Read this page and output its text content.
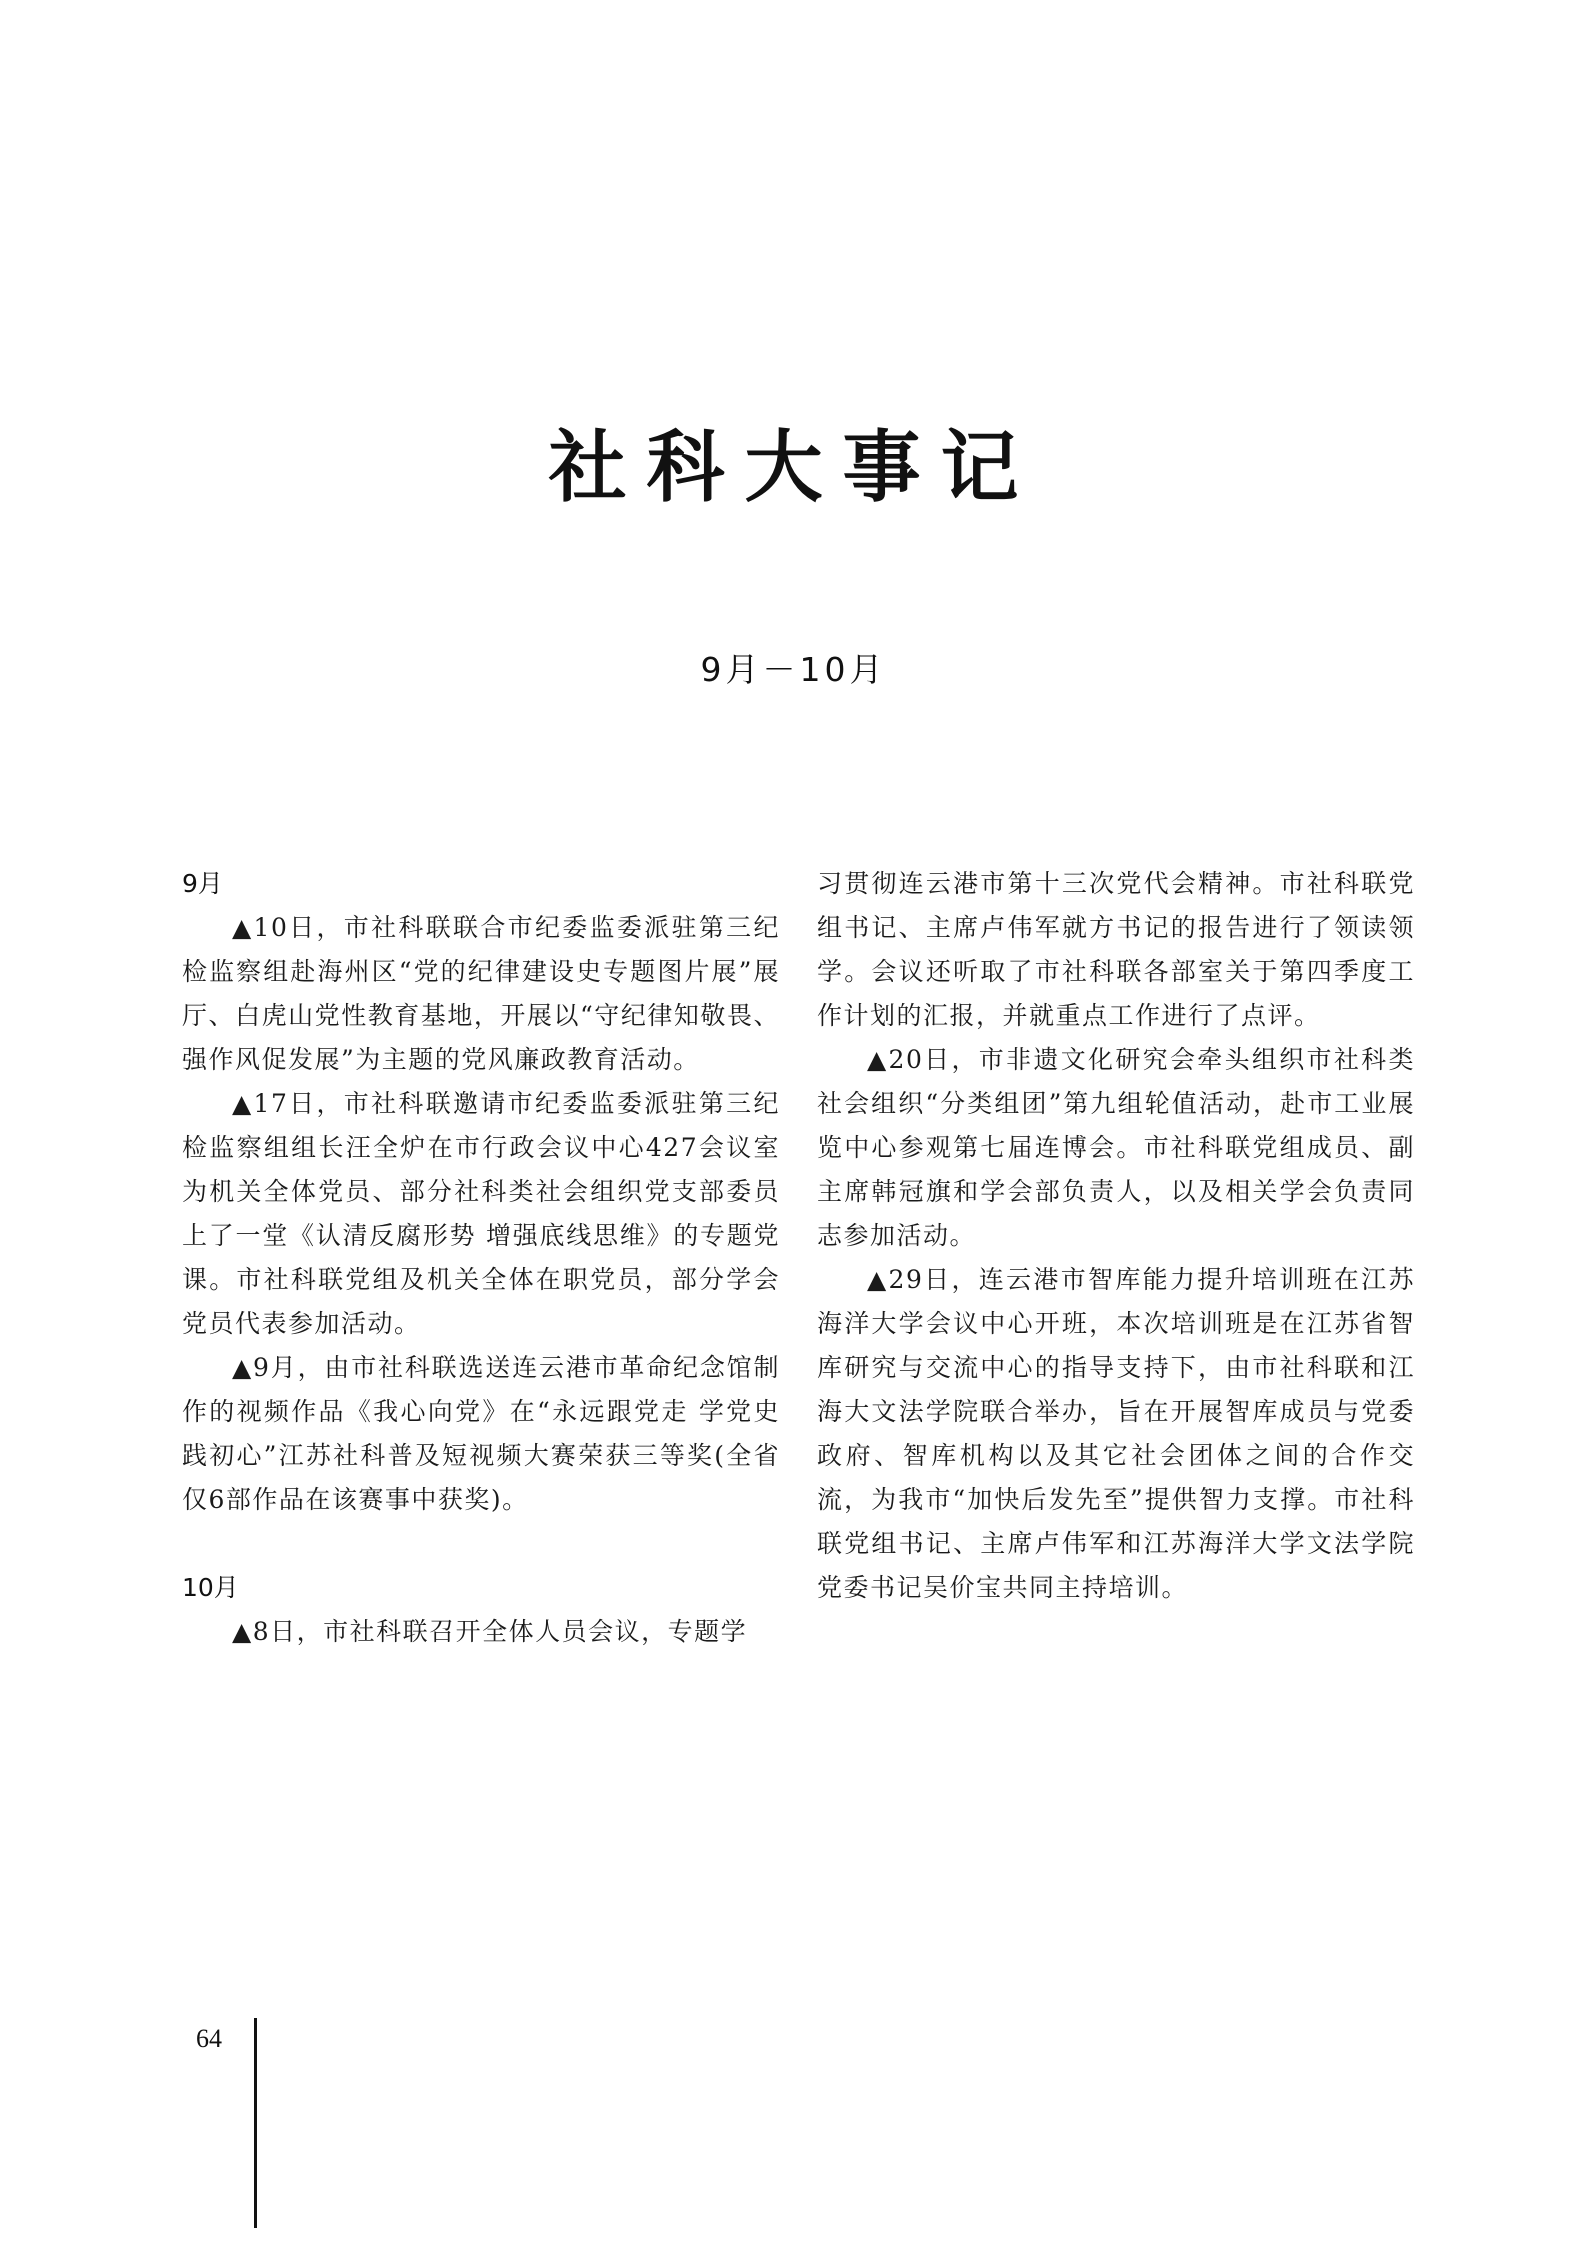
社科大事记
9月－10月
9月

▲10日，市社科联联合市纪委监委派驻第三纪检监察组赴海州区“党的纪律建设史专题图片展”展厅、白虎山党性教育基地，开展以“守纪律知敬畏、强作风促发展”为主题的党风廉政教育活动。

▲17日，市社科联邀请市纪委监委派驻第三纪检监察组组长汪全炉在市行政会议中心427会议室为机关全体党员、部分社科类社会组织党支部委员上了一堂《认清反腐形势 增强底线思维》的专题党课。市社科联党组及机关全体在职党员，部分学会党员代表参加活动。

▲9月，由市社科联选送连云港市革命纪念馆制作的视频作品《我心向党》在“永远跟党走 学党史践初心”江苏社科普及短视频大赛荣获三等奖(全省仅6部作品在该赛事中获奖)。

10月

▲8日，市社科联召开全体人员会议，专题学

习贯彻连云港市第十三次党代会精神。市社科联党组书记、主席卢伟军就方书记的报告进行了领读领学。会议还听取了市社科联各部室关于第四季度工作计划的汇报，并就重点工作进行了点评。

▲20日，市非遗文化研究会牵头组织市社科类社会组织“分类组团”第九组轮值活动，赴市工业展览中心参观第七届连博会。市社科联党组成员、副主席韩冠旗和学会部负责人，以及相关学会负责同志参加活动。

▲29日，连云港市智库能力提升培训班在江苏海洋大学会议中心开班，本次培训班是在江苏省智库研究与交流中心的指导支持下，由市社科联和江海大文法学院联合举办，旨在开展智库成员与党委政府、智库机构以及其它社会团体之间的合作交流，为我市“加快后发先至”提供智力支撑。市社科联党组书记、主席卢伟军和江苏海洋大学文法学院党委书记吴价宝共同主持培训。

64
